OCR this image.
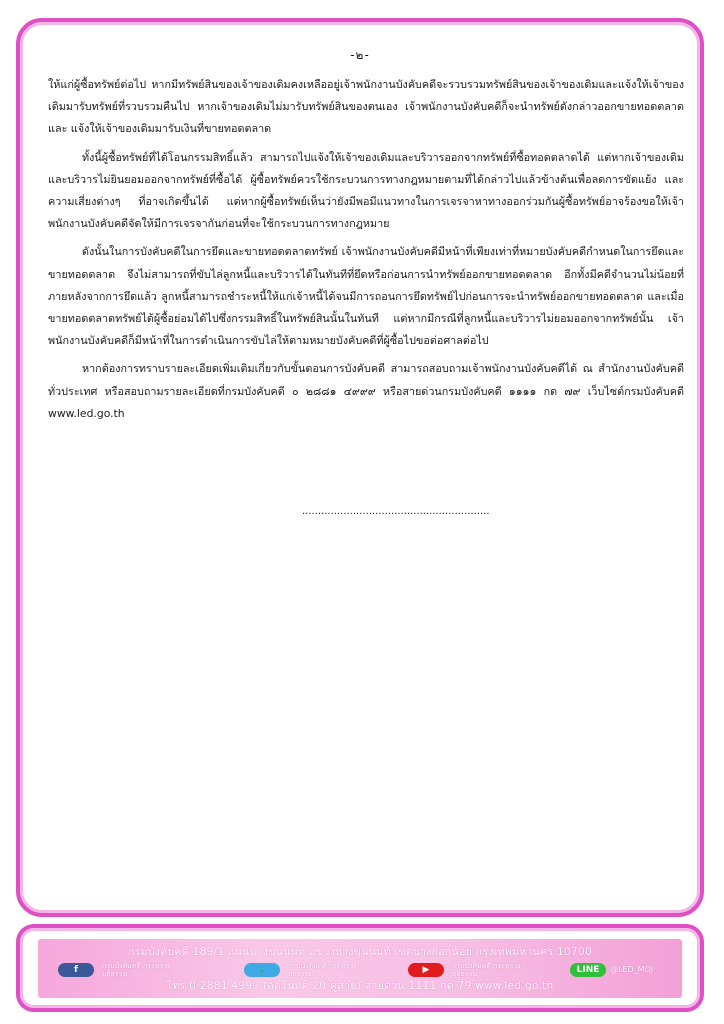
-๒-

ให้แก่ผู้ซื้อทรัพย์ต่อไป หากมีทรัพย์สินของเจ้าของเดิมคงเหลืออยู่เจ้าพนักงานบังคับคดีจะรวบรวมทรัพย์สินของเจ้าของเดิมและแจ้งให้เจ้าของเดิมมารับทรัพย์ที่รวบรวมคืนไป หากเจ้าของเดิมไม่มารับทรัพย์สินของตนเอง เจ้าพนักงานบังคับคดีก็จะนำทรัพย์ดังกล่าวออกขายทอดตลาดและ แจ้งให้เจ้าของเดิมมารับเงินที่ขายทอดตลาด

ทั้งนี้ผู้ซื้อทรัพย์ที่ได้โอนกรรมสิทธิ์แล้ว สามารถไปแจ้งให้เจ้าของเดิมและบริวารออกจากทรัพย์ที่ซื้อทอดตลาดได้ แต่หากเจ้าของเดิมและบริวารไม่ยินยอมออกจากทรัพย์ที่ซื้อได้ ผู้ซื้อทรัพย์ควรใช้กระบวนการทางกฎหมายตามที่ได้กล่าวไปแล้วข้างต้นเพื่อลดการขัดแย้ง และความเสี่ยงต่างๆ ที่อาจเกิดขึ้นได้ แต่หากผู้ซื้อทรัพย์เห็นว่ายังมีพอมีแนวทางในการเจรจาหาทางออกร่วมกันผู้ซื้อทรัพย์อาจร้องขอให้เจ้าพนักงานบังคับคดีจัดให้มีการเจรจากันก่อนที่จะใช้กระบวนการทางกฎหมาย

ดังนั้นในการบังคับคดีในการยึดและขายทอดตลาดทรัพย์ เจ้าพนักงานบังคับคดีมีหน้าที่เพียงเท่าที่หมายบังคับคดีกำหนดในการยึดและขายทอดตลาด จึงไม่สามารถที่ขับไล่ลูกหนี้และบริวารได้ในทันทีที่ยึดหรือก่อนการนำทรัพย์ออกขายทอดตลาด อีกทั้งมีคดีจำนวนไม่น้อยที่ภายหลังจากการยึดแล้ว ลูกหนี้สามารถชำระหนี้ให้แก่เจ้าหนี้ได้จนมีการถอนการยึดทรัพย์ไปก่อนการจะนำทรัพย์ออกขายทอดตลาด และเมื่อขายทอดตลาดทรัพย์ได้ผู้ซื้อย่อมได้ไปซึ่งกรรมสิทธิ์ในทรัพย์สินนั้นในทันที แต่หากมีกรณีที่ลูกหนี้และบริวารไม่ยอมออกจากทรัพย์นั้น เจ้าพนักงานบังคับคดีก็มีหน้าที่ในการดำเนินการขับไล่ให้ตามหมายบังคับคดีที่ผู้ซื้อไปขอต่อศาลต่อไป

หากต้องการทราบรายละเอียดเพิ่มเติมเกี่ยวกับขั้นตอนการบังคับคดี สามารถสอบถามเจ้าพนักงานบังคับคดีได้ ณ สำนักงานบังคับคดีทั่วประเทศ หรือสอบถามรายละเอียดที่กรมบังคับคดี ๐ ๒๘๘๑ ๔๙๙๙ หรือสายด่วนกรมบังคับคดี ๑๑๑๑ กด ๗๙ เว็บไซต์กรมบังคับคดี www.led.go.th

...........................................................
กรมบังคับคดี 189/1 ถนนบางขุนนนท์ แขวงบางขุนนนท์ เขตบางกอกน้อย กรุงเทพมหานคร 10700
f	กรมบังคับคดี กระทรวงยุติธรรม	🐦	กรมบังคับคดี กระทรวงยุติธรรม	▶	กรมบังคับคดี กระทรวงยุติธรรม	LINE	@LED_MOJ
โทร 0 2881 4999 (อัตโนมัติ 20 คู่สาย) สายด่วน 1111 กด 79 www.led.go.th
